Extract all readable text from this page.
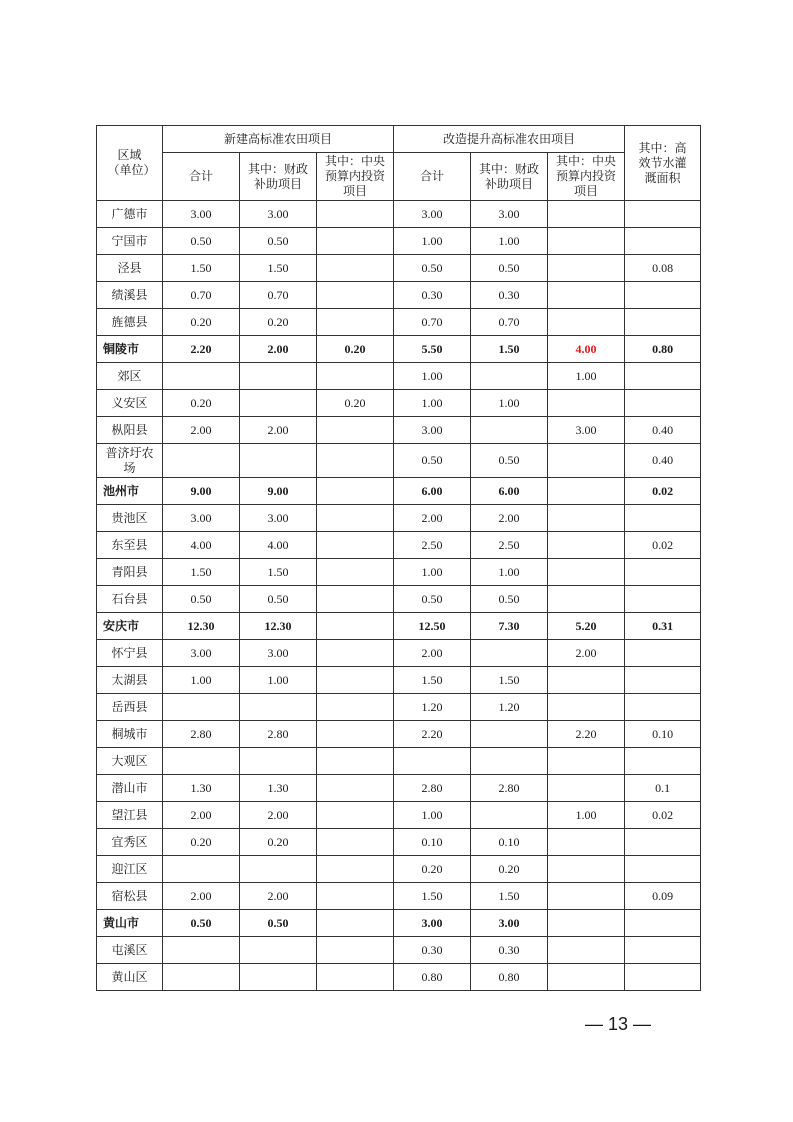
区域（单位）	新建高标准农田项目			改造提升高标准农田项目			其中：高效节水灌溉面积
	合计	其中：财政补助项目	其中：中央预算内投资项目	合计	其中：财政补助项目	其中：中央预算内投资项目	
广德市	3.00	3.00		3.00	3.00		
宁国市	0.50	0.50		1.00	1.00		
泾县	1.50	1.50		0.50	0.50		0.08
绩溪县	0.70	0.70		0.30	0.30		
旌德县	0.20	0.20		0.70	0.70		
铜陵市	2.20	2.00	0.20	5.50	1.50	4.00	0.80
郊区				1.00		1.00	
义安区	0.20		0.20	1.00	1.00		
枞阳县	2.00	2.00		3.00		3.00	0.40
普济圩农场				0.50	0.50		0.40
池州市	9.00	9.00		6.00	6.00		0.02
贵池区	3.00	3.00		2.00	2.00		
东至县	4.00	4.00		2.50	2.50		0.02
青阳县	1.50	1.50		1.00	1.00		
石台县	0.50	0.50		0.50	0.50		
安庆市	12.30	12.30		12.50	7.30	5.20	0.31
怀宁县	3.00	3.00		2.00		2.00	
太湖县	1.00	1.00		1.50	1.50		
岳西县				1.20	1.20		
桐城市	2.80	2.80		2.20		2.20	0.10
大观区							
潜山市	1.30	1.30		2.80	2.80		0.1
望江县	2.00	2.00		1.00		1.00	0.02
宜秀区	0.20	0.20		0.10	0.10		
迎江区				0.20	0.20		
宿松县	2.00	2.00		1.50	1.50		0.09
黄山市	0.50	0.50		3.00	3.00		
屯溪区				0.30	0.30		
黄山区				0.80	0.80		
— 13 —
